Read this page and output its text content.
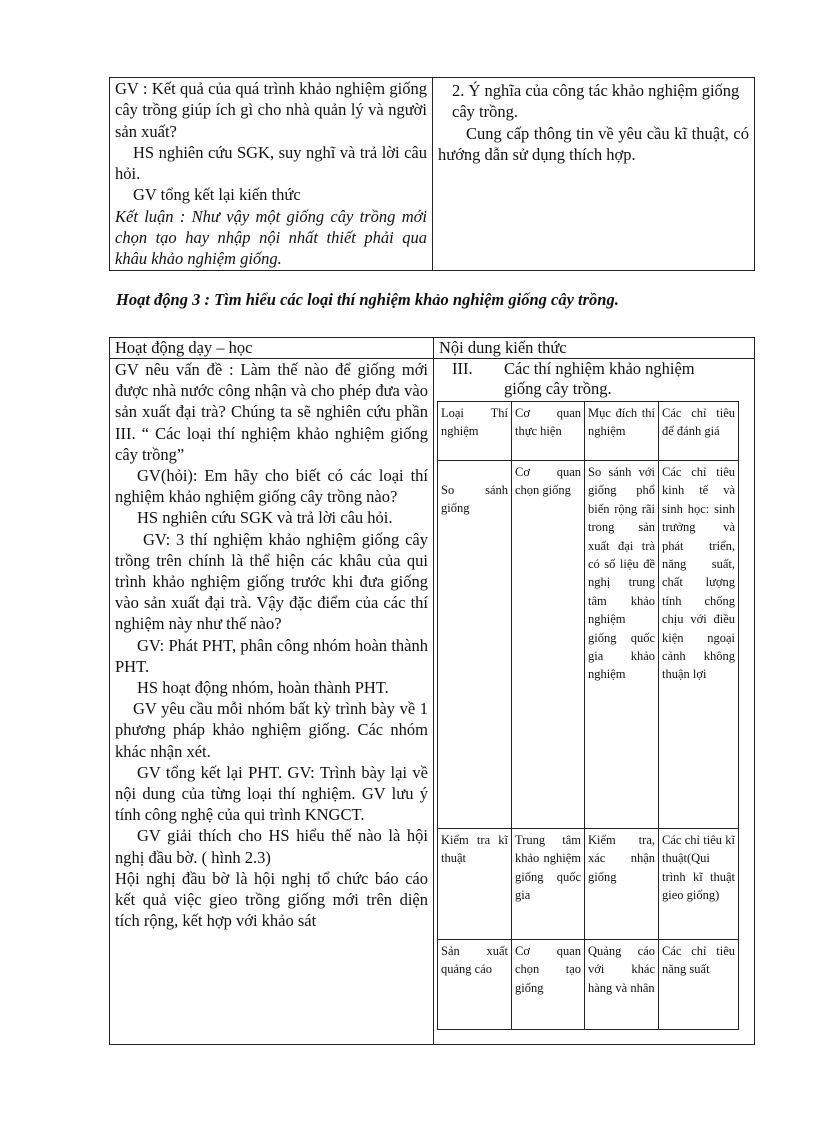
GV : Kết quả của quá trình khảo nghiệm giống cây trồng giúp ích gì cho nhà quản lý và người sản xuất?

HS nghiên cứu SGK, suy nghĩ và trả lời câu hỏi.

GV tổng kết lại kiến thức

Kết luận : Như vậy một giống cây trồng mới chọn tạo hay nhập nội nhất thiết phải qua khâu khảo nghiệm giống.

2. Ý nghĩa của công tác khảo nghiệm giống cây trồng.

Cung cấp thông tin về yêu cầu kĩ thuật, có hướng dẫn sử dụng thích hợp.

Hoạt động 3 : Tìm hiểu các loại thí nghiệm khảo nghiệm giống cây trồng.
Hoạt động dạy – học	Nội dung kiến thức

GV nêu vấn đề : Làm thế nào để giống mới được nhà nước công nhận và cho phép đưa vào sản xuất đại trà? Chúng ta sẽ nghiên cứu phần III. “ Các loại thí nghiệm khảo nghiệm giống cây trồng”

GV(hỏi): Em hãy cho biết có các loại thí nghiệm khảo nghiệm giống cây trồng nào?

HS nghiên cứu SGK và trả lời câu hỏi.

GV: 3 thí nghiệm khảo nghiệm giống cây trồng trên chính là thể hiện các khâu của qui trình khảo nghiệm giống trước khi đưa giống vào sản xuất đại trà. Vậy đặc điểm của các thí nghiệm này như thế nào?

GV: Phát PHT, phân công nhóm hoàn thành PHT.

HS hoạt động nhóm, hoàn thành PHT.

GV yêu cầu mỗi nhóm bất kỳ trình bày về 1 phương pháp khảo nghiệm giống. Các nhóm khác nhận xét.

GV tổng kết lại PHT. GV: Trình bày lại về nội dung của từng loại thí nghiệm. GV lưu ý tính công nghệ của qui trình KNGCT.

GV giải thích cho HS hiểu thế nào là hội nghị đầu bờ. ( hình 2.3)

Hội nghị đầu bờ là hội nghị tổ chức báo cáo kết quả việc gieo trồng giống mới trên diện tích rộng, kết hợp với khảo sát

III. Các thí nghiệm khảo nghiệm
giống cây trồng.
Loại Thí nghiệm	Cơ quan thực hiện	Mục đích thí nghiệm	Các chỉ tiêu để đánh giá
So sánh giống	Cơ quan chọn giống	So sánh với giống phổ biến rộng rãi trong sản xuất đại trà có số liệu đề nghị trung tâm khảo nghiệm giống quốc gia khảo nghiệm	Các chỉ tiêu kinh tế và sinh học: sinh trưởng và phát triển, năng suất, chất lượng tính chống chịu với điều kiện ngoại cảnh không thuận lợi
Kiểm tra kĩ thuật	Trung tâm khảo nghiệm giống quốc gia	Kiểm tra, xác nhận giống	Các chỉ tiêu kĩ thuật(Qui trình kĩ thuật gieo giống)
Sản xuất quảng cáo	Cơ quan chọn tạo giống	Quảng cáo với khác hàng và nhân	Các chỉ tiêu năng suất
